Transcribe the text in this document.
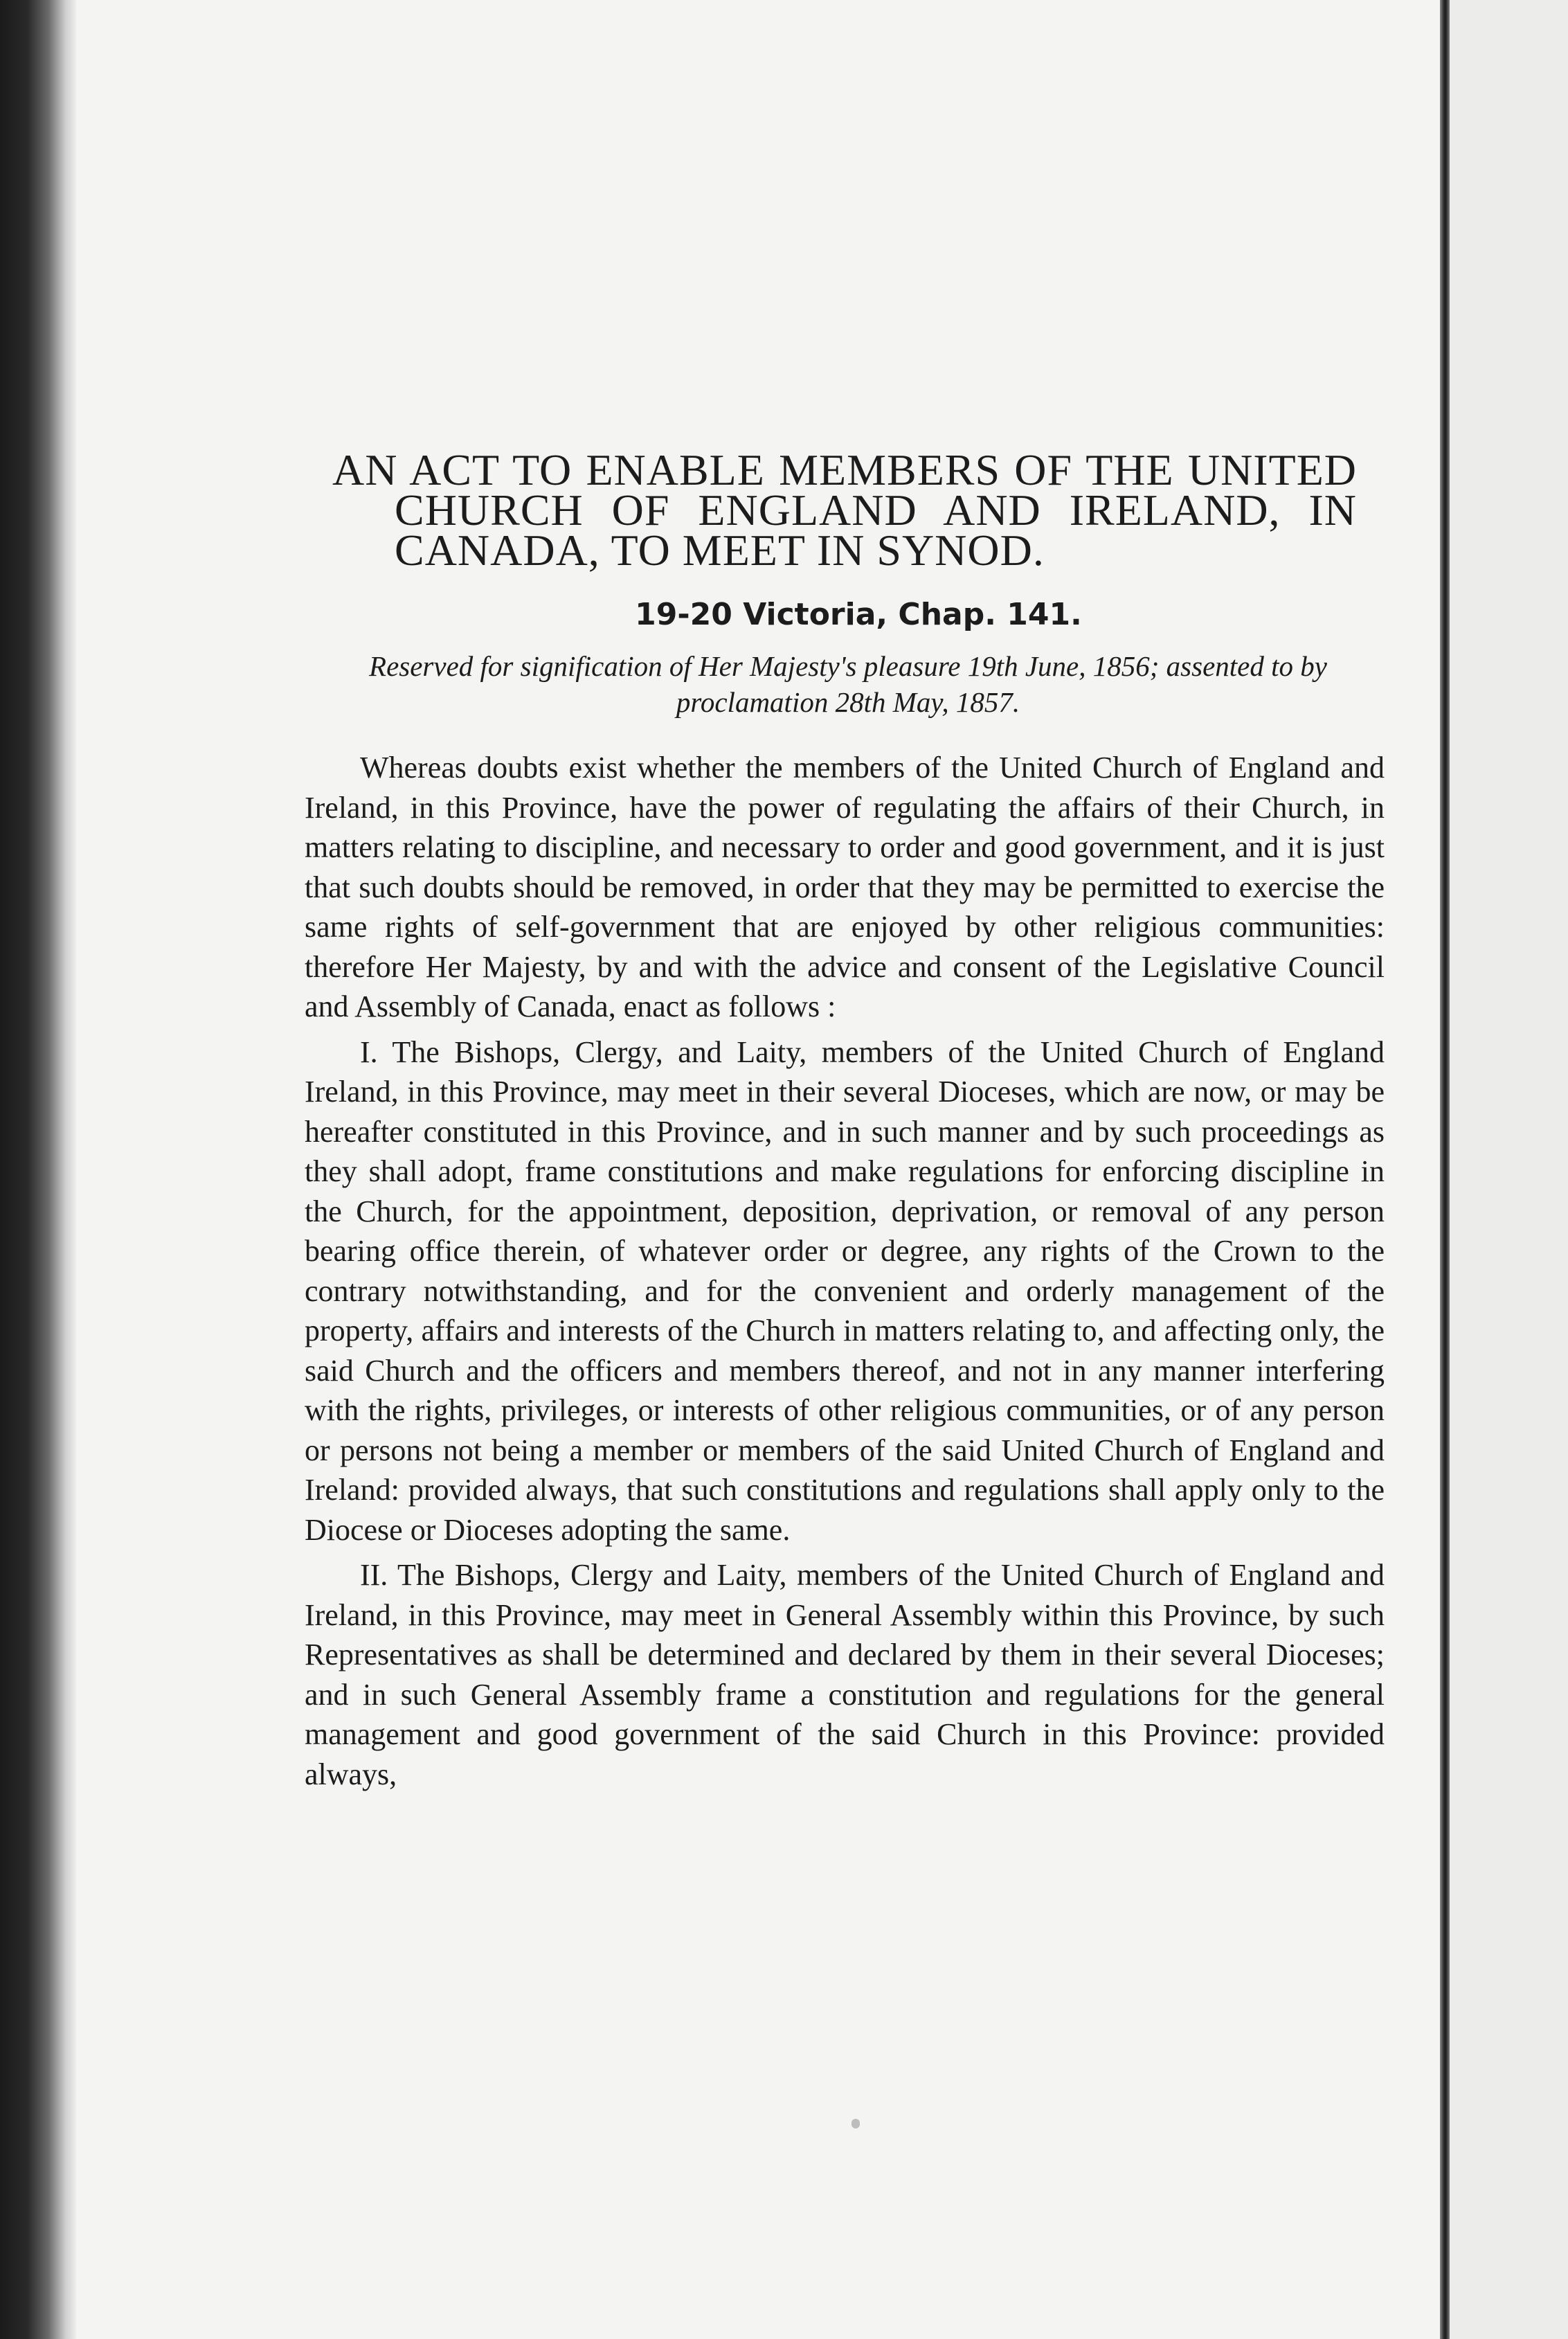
AN ACT TO ENABLE MEMBERS OF THE UNITED
CHURCH OF ENGLAND AND IRELAND, IN
CANADA, TO MEET IN SYNOD.
19-20 Victoria, Chap. 141.
Reserved for signification of Her Majesty's pleasure 19th June, 1856; assented to by proclamation 28th May, 1857.

Whereas doubts exist whether the members of the United Church of England and Ireland, in this Province, have the power of regulating the affairs of their Church, in matters relating to discipline, and necessary to order and good government, and it is just that such doubts should be removed, in order that they may be permitted to exercise the same rights of self-government that are enjoyed by other religious communities: therefore Her Majesty, by and with the advice and consent of the Legislative Council and Assembly of Canada, enact as follows :

I. The Bishops, Clergy, and Laity, members of the United Church of England Ireland, in this Province, may meet in their several Dioceses, which are now, or may be hereafter constituted in this Province, and in such manner and by such proceedings as they shall adopt, frame constitutions and make regulations for enforcing discipline in the Church, for the appointment, deposition, deprivation, or removal of any person bearing office therein, of whatever order or degree, any rights of the Crown to the contrary notwithstanding, and for the convenient and orderly management of the property, affairs and interests of the Church in matters relating to, and affecting only, the said Church and the officers and members thereof, and not in any manner interfering with the rights, privileges, or interests of other religious communities, or of any person or persons not being a member or members of the said United Church of England and Ireland: provided always, that such constitutions and regulations shall apply only to the Diocese or Dioceses adopting the same.

II. The Bishops, Clergy and Laity, members of the United Church of England and Ireland, in this Province, may meet in General Assembly within this Province, by such Representatives as shall be determined and declared by them in their several Dioceses; and in such General Assembly frame a constitution and regulations for the general management and good government of the said Church in this Province: provided always,
